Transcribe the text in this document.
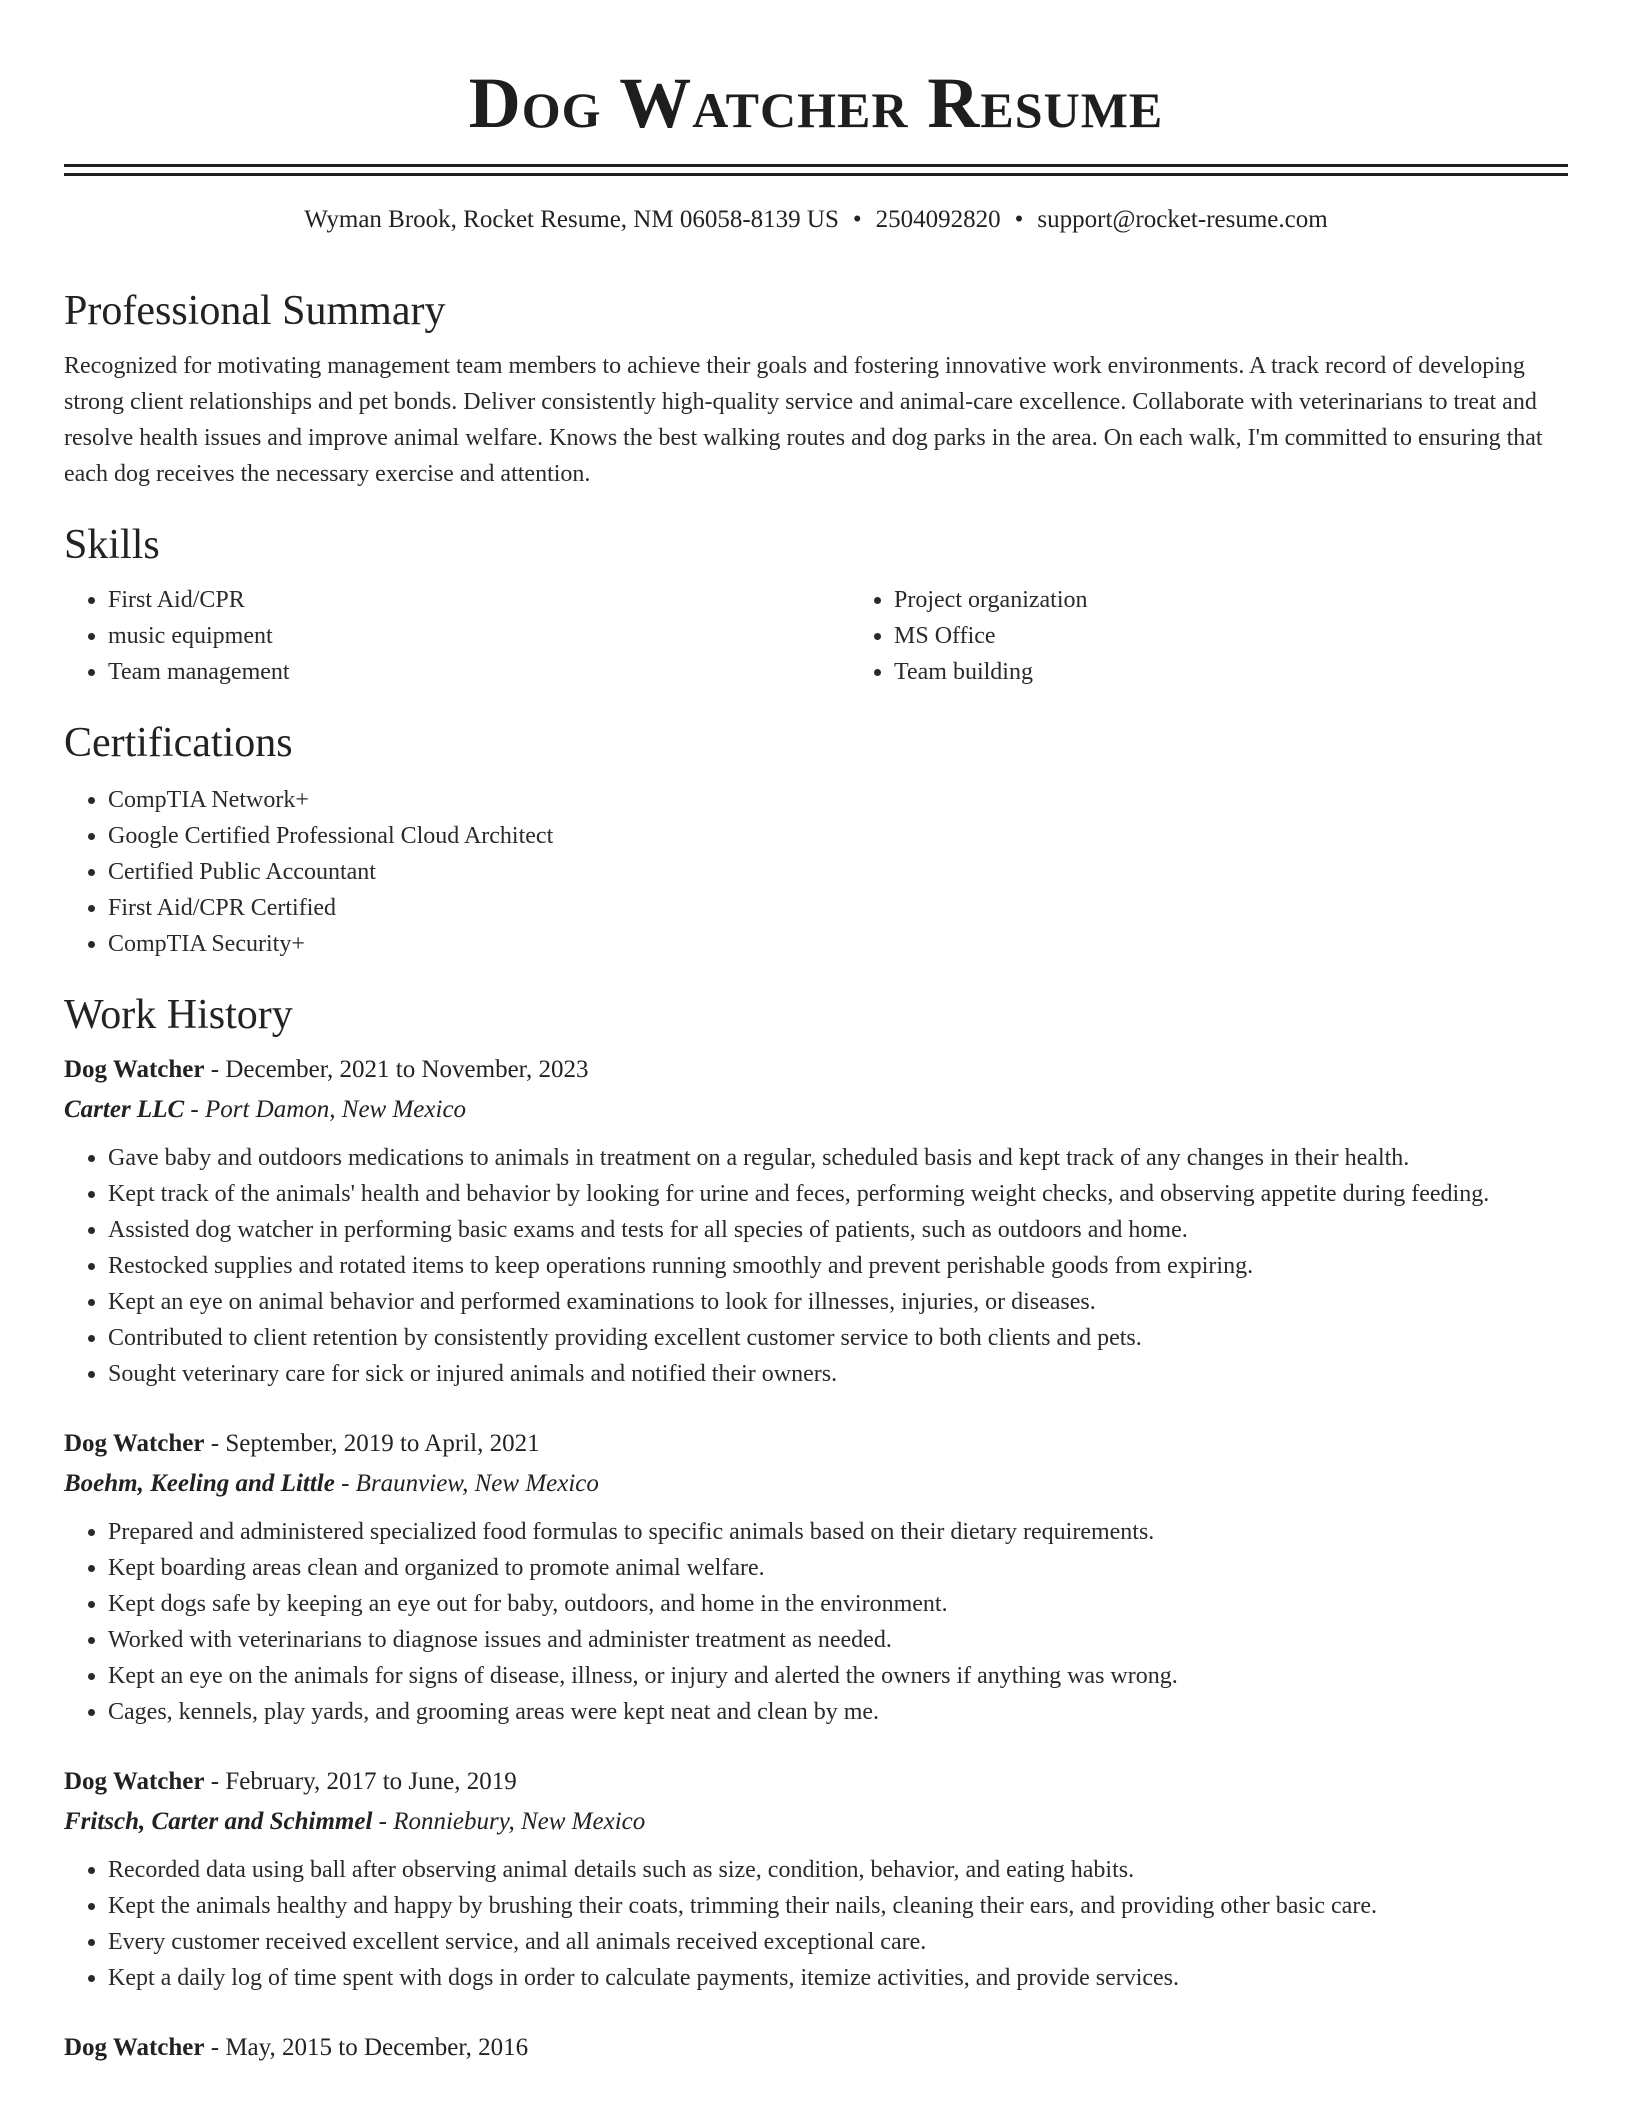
Dog Watcher Resume
Wyman Brook, Rocket Resume, NM 06058-8139 US • 2504092820 • support@rocket-resume.com
Professional Summary

Recognized for motivating management team members to achieve their goals and fostering innovative work environments. A track record of developing strong client relationships and pet bonds. Deliver consistently high-quality service and animal-care excellence. Collaborate with veterinarians to treat and resolve health issues and improve animal welfare. Knows the best walking routes and dog parks in the area. On each walk, I'm committed to ensuring that each dog receives the necessary exercise and attention.

Skills
• First Aid/CPR
• music equipment
• Team management
• Project organization
• MS Office
• Team building
Certifications
• CompTIA Network+
• Google Certified Professional Cloud Architect
• Certified Public Accountant
• First Aid/CPR Certified
• CompTIA Security+
Work History
Dog Watcher - December, 2021 to November, 2023
Carter LLC - Port Damon, New Mexico
• Gave baby and outdoors medications to animals in treatment on a regular, scheduled basis and kept track of any changes in their health.
• Kept track of the animals' health and behavior by looking for urine and feces, performing weight checks, and observing appetite during feeding.
• Assisted dog watcher in performing basic exams and tests for all species of patients, such as outdoors and home.
• Restocked supplies and rotated items to keep operations running smoothly and prevent perishable goods from expiring.
• Kept an eye on animal behavior and performed examinations to look for illnesses, injuries, or diseases.
• Contributed to client retention by consistently providing excellent customer service to both clients and pets.
• Sought veterinary care for sick or injured animals and notified their owners.
Dog Watcher - September, 2019 to April, 2021
Boehm, Keeling and Little - Braunview, New Mexico
• Prepared and administered specialized food formulas to specific animals based on their dietary requirements.
• Kept boarding areas clean and organized to promote animal welfare.
• Kept dogs safe by keeping an eye out for baby, outdoors, and home in the environment.
• Worked with veterinarians to diagnose issues and administer treatment as needed.
• Kept an eye on the animals for signs of disease, illness, or injury and alerted the owners if anything was wrong.
• Cages, kennels, play yards, and grooming areas were kept neat and clean by me.
Dog Watcher - February, 2017 to June, 2019
Fritsch, Carter and Schimmel - Ronniebury, New Mexico
• Recorded data using ball after observing animal details such as size, condition, behavior, and eating habits.
• Kept the animals healthy and happy by brushing their coats, trimming their nails, cleaning their ears, and providing other basic care.
• Every customer received excellent service, and all animals received exceptional care.
• Kept a daily log of time spent with dogs in order to calculate payments, itemize activities, and provide services.
Dog Watcher - May, 2015 to December, 2016
